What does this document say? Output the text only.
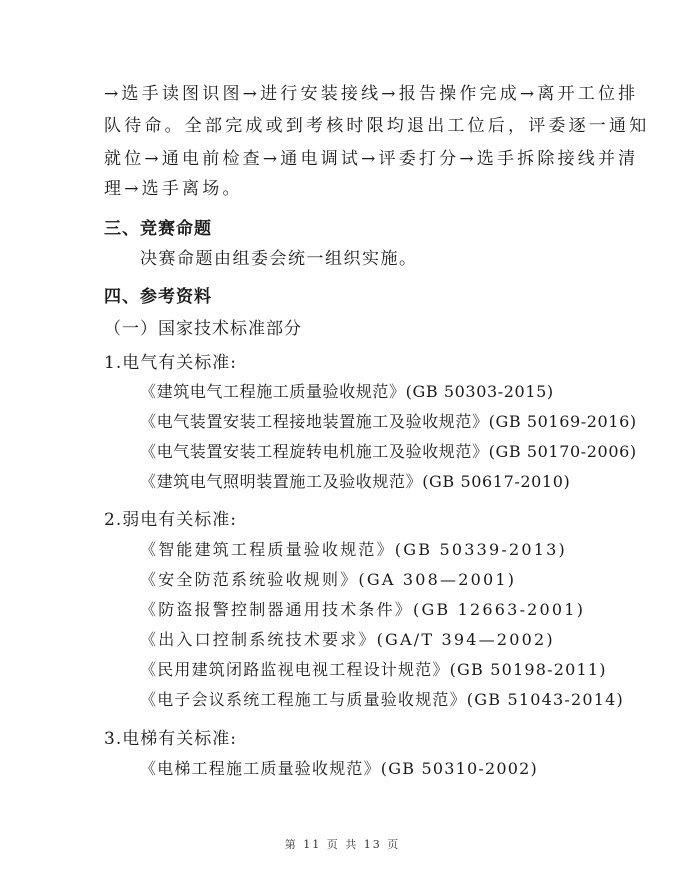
→选手读图识图→进行安装接线→报告操作完成→离开工位排
队待命。全部完成或到考核时限均退出工位后，评委逐一通知
就位→通电前检查→通电调试→评委打分→选手拆除接线并清
理→选手离场。
三、竞赛命题
决赛命题由组委会统一组织实施。
四、参考资料
（一）国家技术标准部分
1.电气有关标准:
《建筑电气工程施工质量验收规范》(GB 50303-2015)
《电气装置安装工程接地装置施工及验收规范》(GB 50169-2016)
《电气装置安装工程旋转电机施工及验收规范》(GB 50170-2006)
《建筑电气照明装置施工及验收规范》(GB 50617-2010)
2.弱电有关标准:
《智能建筑工程质量验收规范》(GB 50339-2013)
《安全防范系统验收规则》(GA 308—2001)
《防盗报警控制器通用技术条件》(GB 12663-2001)
《出入口控制系统技术要求》(GA/T 394—2002)
《民用建筑闭路监视电视工程设计规范》(GB 50198-2011)
《电子会议系统工程施工与质量验收规范》(GB 51043-2014)
3.电梯有关标准:
《电梯工程施工质量验收规范》(GB 50310-2002)
第 11 页 共 13 页
